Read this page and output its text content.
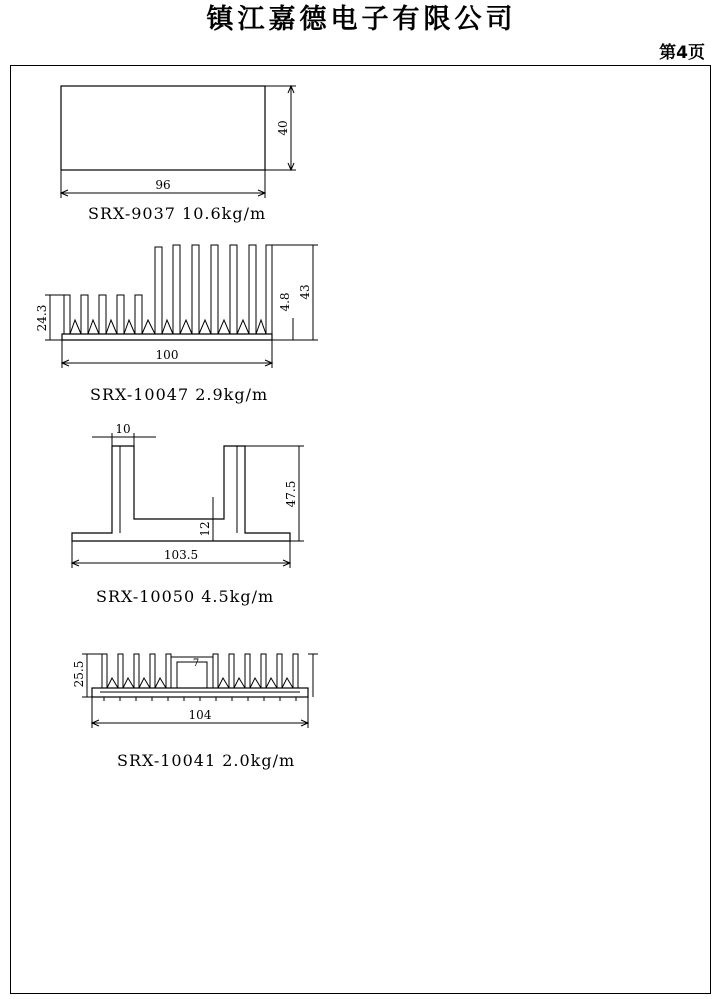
镇江嘉德电子有限公司
第4页
40
96
24.3
43
4.8
100
10
47.5
12
103.5
7
25.5
104
SRX-9037 10.6kg/m
SRX-10047 2.9kg/m
SRX-10050 4.5kg/m
SRX-10041 2.0kg/m
